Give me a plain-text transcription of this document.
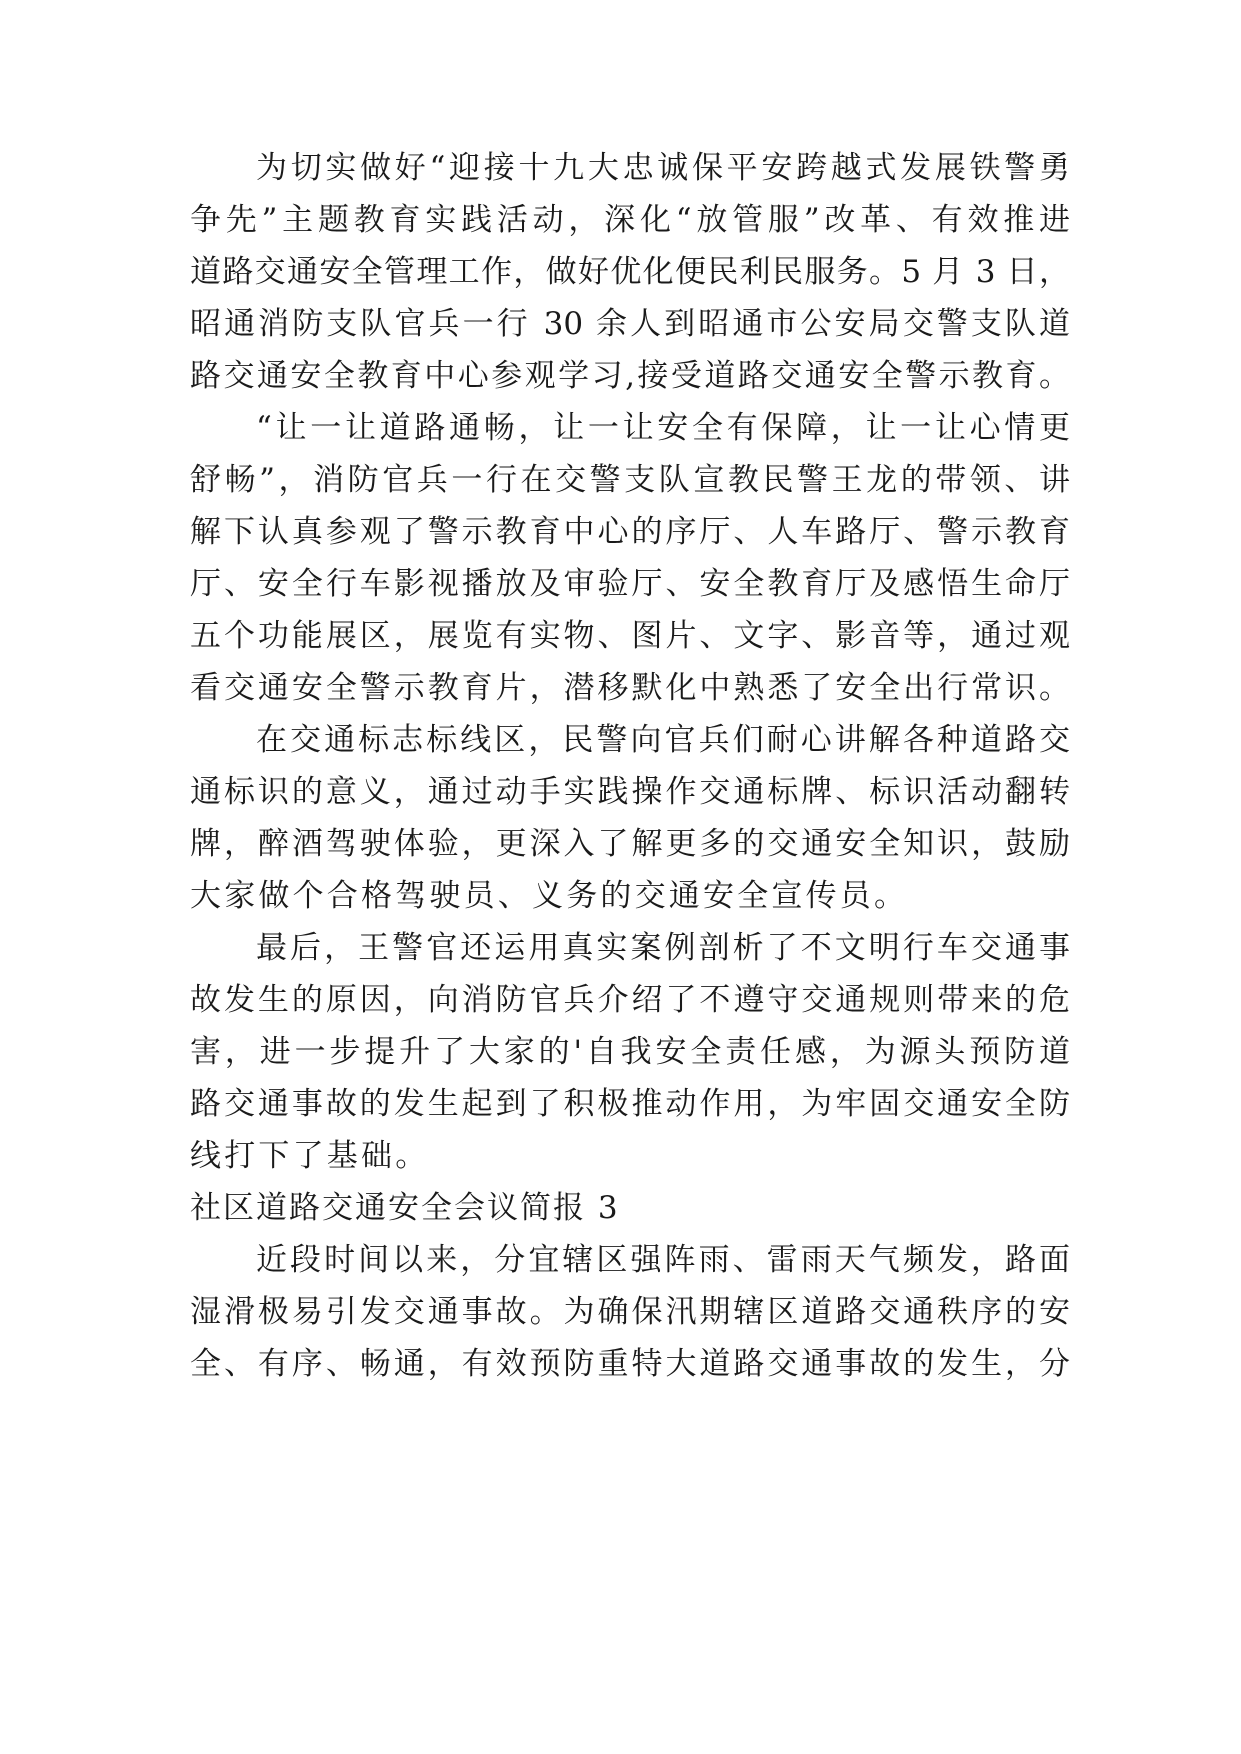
为切实做好“迎接十九大忠诚保平安跨越式发展铁警勇
争先”主题教育实践活动，深化“放管服”改革、有效推进
道路交通安全管理工作，做好优化便民利民服务。5 月 3 日，
昭通消防支队官兵一行 30 余人到昭通市公安局交警支队道
路交通安全教育中心参观学习,接受道路交通安全警示教育。
“让一让道路通畅，让一让安全有保障，让一让心情更
舒畅”，消防官兵一行在交警支队宣教民警王龙的带领、讲
解下认真参观了警示教育中心的序厅、人车路厅、警示教育
厅、安全行车影视播放及审验厅、安全教育厅及感悟生命厅
五个功能展区，展览有实物、图片、文字、影音等，通过观
看交通安全警示教育片，潜移默化中熟悉了安全出行常识。
在交通标志标线区，民警向官兵们耐心讲解各种道路交
通标识的意义，通过动手实践操作交通标牌、标识活动翻转
牌，醉酒驾驶体验，更深入了解更多的交通安全知识，鼓励
大家做个合格驾驶员、义务的交通安全宣传员。
最后，王警官还运用真实案例剖析了不文明行车交通事
故发生的原因，向消防官兵介绍了不遵守交通规则带来的危
害，进一步提升了大家的'自我安全责任感，为源头预防道
路交通事故的发生起到了积极推动作用，为牢固交通安全防
线打下了基础。
社区道路交通安全会议简报 3
近段时间以来，分宜辖区强阵雨、雷雨天气频发，路面
湿滑极易引发交通事故。为确保汛期辖区道路交通秩序的安
全、有序、畅通，有效预防重特大道路交通事故的发生，分
